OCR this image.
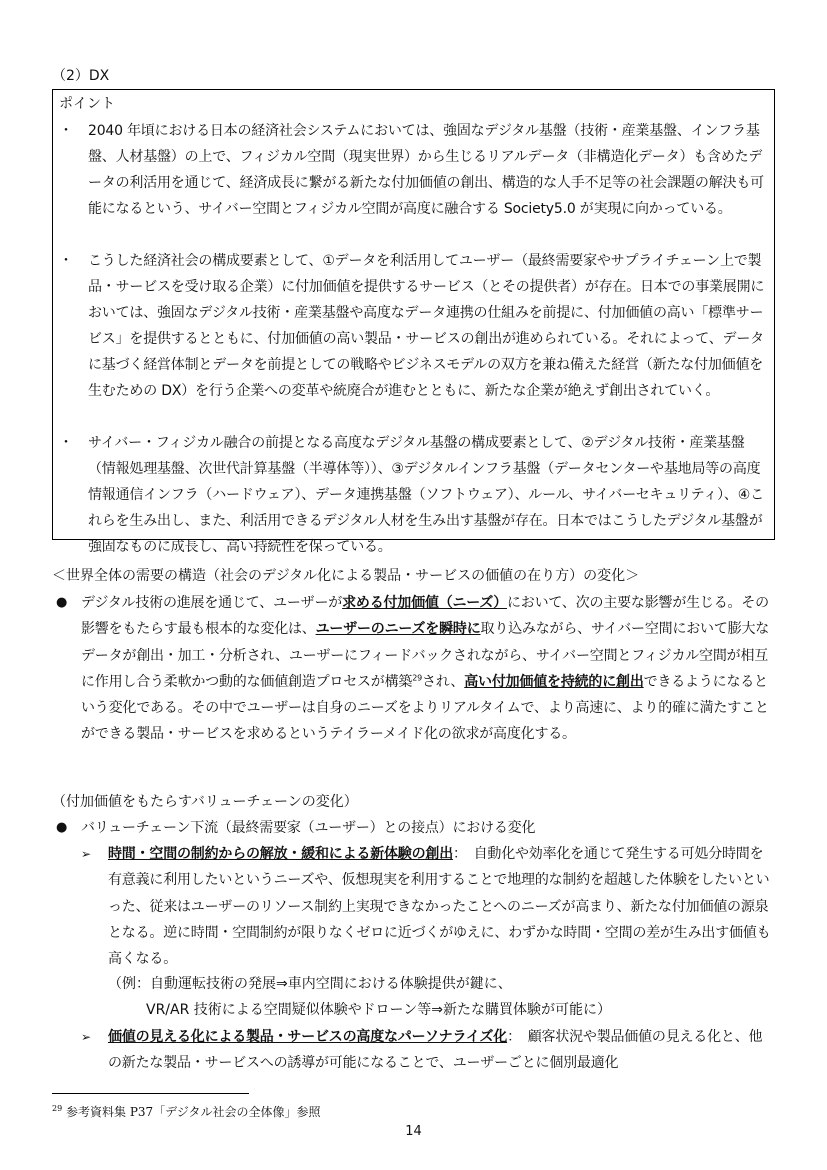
（2）DX
ポイント
・ 2040 年頃における日本の経済社会システムにおいては、強固なデジタル基盤（技術・産業基盤、インフラ基盤、人材基盤）の上で、フィジカル空間（現実世界）から生じるリアルデータ（非構造化データ）も含めたデータの利活用を通じて、経済成長に繋がる新たな付加価値の創出、構造的な人手不足等の社会課題の解決も可能になるという、サイバー空間とフィジカル空間が高度に融合する Society5.0 が実現に向かっている。
・ こうした経済社会の構成要素として、①データを利活用してユーザー（最終需要家やサプライチェーン上で製品・サービスを受け取る企業）に付加価値を提供するサービス（とその提供者）が存在。日本での事業展開においては、強固なデジタル技術・産業基盤や高度なデータ連携の仕組みを前提に、付加価値の高い「標準サービス」を提供するとともに、付加価値の高い製品・サービスの創出が進められている。それによって、データに基づく経営体制とデータを前提としての戦略やビジネスモデルの双方を兼ね備えた経営（新たな付加価値を生むための DX）を行う企業への変革や統廃合が進むとともに、新たな企業が絶えず創出されていく。
・ サイバー・フィジカル融合の前提となる高度なデジタル基盤の構成要素として、②デジタル技術・産業基盤（情報処理基盤、次世代計算基盤（半導体等））、③デジタルインフラ基盤（データセンターや基地局等の高度情報通信インフラ（ハードウェア）、データ連携基盤（ソフトウェア）、ルール、サイバーセキュリティ）、④これらを生み出し、また、利活用できるデジタル人材を生み出す基盤が存在。日本ではこうしたデジタル基盤が強固なものに成長し、高い持続性を保っている。
＜世界全体の需要の構造（社会のデジタル化による製品・サービスの価値の在り方）の変化＞
● デジタル技術の進展を通じて、ユーザーが求める付加価値（ニーズ）において、次の主要な影響が生じる。その影響をもたらす最も根本的な変化は、ユーザーのニーズを瞬時に取り込みながら、サイバー空間において膨大なデータが創出・加工・分析され、ユーザーにフィードバックされながら、サイバー空間とフィジカル空間が相互に作用し合う柔軟かつ動的な価値創造プロセスが構築$^{29}$され、高い付加価値を持続的に創出できるようになるという変化である。その中でユーザーは自身のニーズをよりリアルタイムで、より高速に、より的確に満たすことができる製品・サービスを求めるというテイラーメイド化の欲求が高度化する。
（付加価値をもたらすバリューチェーンの変化）
● バリューチェーン下流（最終需要家（ユーザー）との接点）における変化
➢ 時間・空間の制約からの解放・緩和による新体験の創出：　自動化や効率化を通じて発生する可処分時間を有意義に利用したいというニーズや、仮想現実を利用することで地理的な制約を超越した体験をしたいといった、従来はユーザーのリソース制約上実現できなかったことへのニーズが高まり、新たな付加価値の源泉となる。逆に時間・空間制約が限りなくゼロに近づくがゆえに、わずかな時間・空間の差が生み出す価値も高くなる。
（例：自動運転技術の発展⇒車内空間における体験提供が鍵に、
VR/AR 技術による空間疑似体験やドローン等⇒新たな購買体験が可能に）
➢ 価値の見える化による製品・サービスの高度なパーソナライズ化：　顧客状況や製品価値の見える化と、他の新たな製品・サービスへの誘導が可能になることで、ユーザーごとに個別最適化
$^{29}$ 参考資料集 P37「デジタル社会の全体像」参照
14
